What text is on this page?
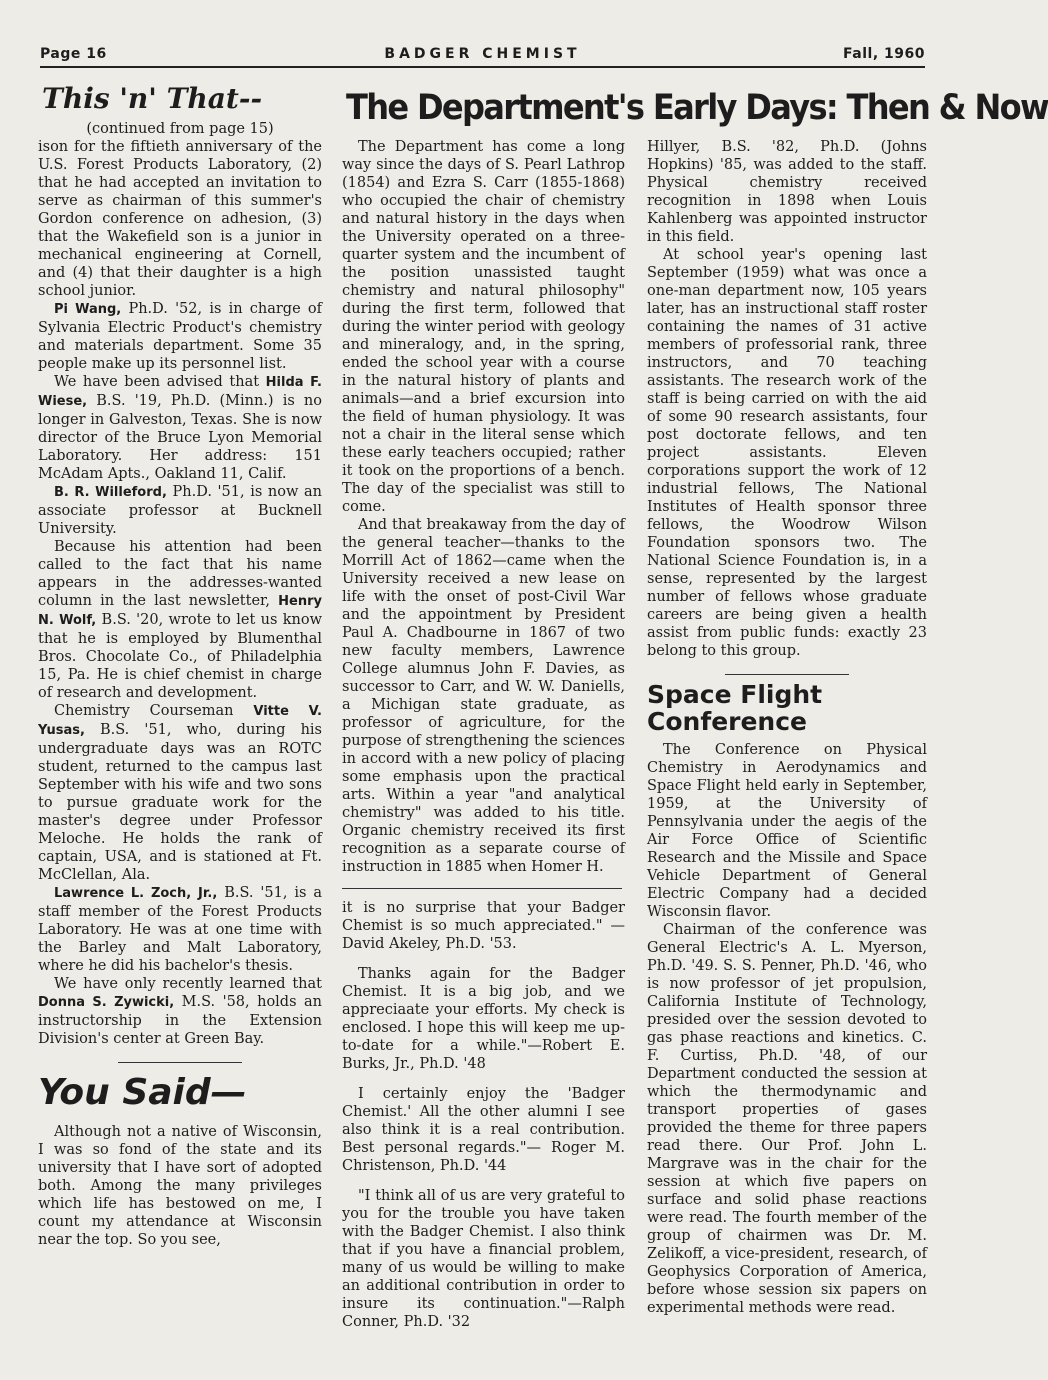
Page 16	BADGER CHEMIST	Fall, 1960
The Department's Early Days: Then & Now
This 'n' That--

(continued from page 15)

ison for the fiftieth anniversary of the U.S. Forest Products Laboratory, (2) that he had accepted an invitation to serve as chairman of this summer's Gordon conference on adhesion, (3) that the Wakefield son is a junior in mechanical engineering at Cornell, and (4) that their daughter is a high school junior.

Pi Wang, Ph.D. '52, is in charge of Sylvania Electric Product's chemistry and materials department. Some 35 people make up its personnel list.

We have been advised that Hilda F. Wiese, B.S. '19, Ph.D. (Minn.) is no longer in Galveston, Texas. She is now director of the Bruce Lyon Memorial Laboratory. Her address: 151 McAdam Apts., Oakland 11, Calif.

B. R. Willeford, Ph.D. '51, is now an associate professor at Bucknell University.

Because his attention had been called to the fact that his name appears in the addresses-wanted column in the last newsletter, Henry N. Wolf, B.S. '20, wrote to let us know that he is employed by Blumenthal Bros. Chocolate Co., of Philadelphia 15, Pa. He is chief chemist in charge of research and development.

Chemistry Courseman Vitte V. Yusas, B.S. '51, who, during his undergraduate days was an ROTC student, returned to the campus last September with his wife and two sons to pursue graduate work for the master's degree under Professor Meloche. He holds the rank of captain, USA, and is stationed at Ft. McClellan, Ala.

Lawrence L. Zoch, Jr., B.S. '51, is a staff member of the Forest Products Laboratory. He was at one time with the Barley and Malt Laboratory, where he did his bachelor's thesis.

We have only recently learned that Donna S. Zywicki, M.S. '58, holds an instructorship in the Extension Division's center at Green Bay.

You Said—

Although not a native of Wisconsin, I was so fond of the state and its university that I have sort of adopted both. Among the many privileges which life has bestowed on me, I count my attendance at Wisconsin near the top. So you see,

The Department has come a long way since the days of S. Pearl Lathrop (1854) and Ezra S. Carr (1855-1868) who occupied the chair of chemistry and natural history in the days when the University operated on a three-quarter system and the incumbent of the position unassisted taught chemistry and natural philosophy" during the first term, followed that during the winter period with geology and mineralogy, and, in the spring, ended the school year with a course in the natural history of plants and animals—and a brief excursion into the field of human physiology. It was not a chair in the literal sense which these early teachers occupied; rather it took on the proportions of a bench. The day of the specialist was still to come.

And that breakaway from the day of the general teacher—thanks to the Morrill Act of 1862—came when the University received a new lease on life with the onset of post-Civil War and the appointment by President Paul A. Chadbourne in 1867 of two new faculty members, Lawrence College alumnus John F. Davies, as successor to Carr, and W. W. Daniells, a Michigan state graduate, as professor of agriculture, for the purpose of strengthening the sciences in accord with a new policy of placing some emphasis upon the practical arts. Within a year "and analytical chemistry" was added to his title. Organic chemistry received its first recognition as a separate course of instruction in 1885 when Homer H.

it is no surprise that your Badger Chemist is so much appreciated." —David Akeley, Ph.D. '53.

Thanks again for the Badger Chemist. It is a big job, and we appreciaate your efforts. My check is enclosed. I hope this will keep me up-to-date for a while."—Robert E. Burks, Jr., Ph.D. '48

I certainly enjoy the 'Badger Chemist.' All the other alumni I see also think it is a real contribution. Best personal regards."— Roger M. Christenson, Ph.D. '44

"I think all of us are very grateful to you for the trouble you have taken with the Badger Chemist. I also think that if you have a financial problem, many of us would be willing to make an additional contribution in order to insure its continuation."—Ralph Conner, Ph.D. '32

Hillyer, B.S. '82, Ph.D. (Johns Hopkins) '85, was added to the staff. Physical chemistry received recognition in 1898 when Louis Kahlenberg was appointed instructor in this field.

At school year's opening last September (1959) what was once a one-man department now, 105 years later, has an instructional staff roster containing the names of 31 active members of professorial rank, three instructors, and 70 teaching assistants. The research work of the staff is being carried on with the aid of some 90 research assistants, four post doctorate fellows, and ten project assistants. Eleven corporations support the work of 12 industrial fellows, The National Institutes of Health sponsor three fellows, the Woodrow Wilson Foundation sponsors two. The National Science Foundation is, in a sense, represented by the largest number of fellows whose graduate careers are being given a health assist from public funds: exactly 23 belong to this group.

Space Flight Conference

The Conference on Physical Chemistry in Aerodynamics and Space Flight held early in September, 1959, at the University of Pennsylvania under the aegis of the Air Force Office of Scientific Research and the Missile and Space Vehicle Department of General Electric Company had a decided Wisconsin flavor.

Chairman of the conference was General Electric's A. L. Myerson, Ph.D. '49. S. S. Penner, Ph.D. '46, who is now professor of jet propulsion, California Institute of Technology, presided over the session devoted to gas phase reactions and kinetics. C. F. Curtiss, Ph.D. '48, of our Department conducted the session at which the thermodynamic and transport properties of gases provided the theme for three papers read there. Our Prof. John L. Margrave was in the chair for the session at which five papers on surface and solid phase reactions were read. The fourth member of the group of chairmen was Dr. M. Zelikoff, a vice-president, research, of Geophysics Corporation of America, before whose session six papers on experimental methods were read.
